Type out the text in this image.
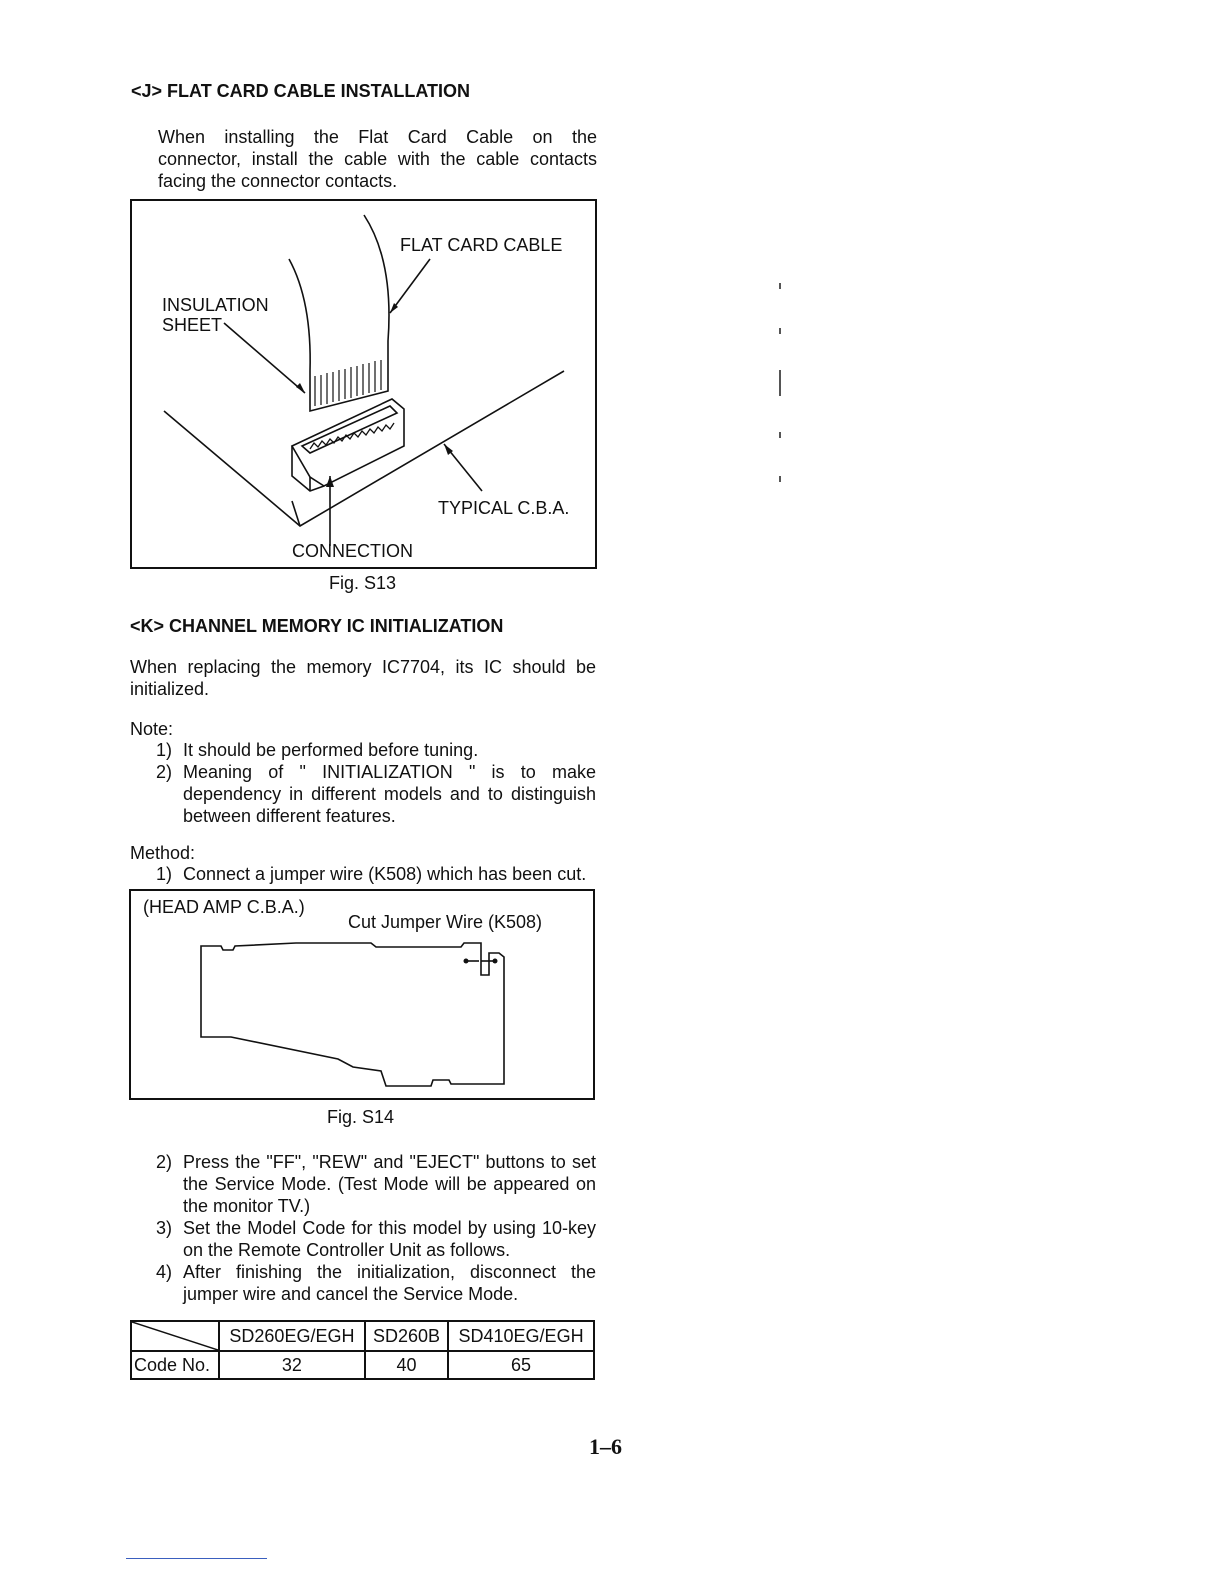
<J> FLAT CARD CABLE INSTALLATION
When installing the Flat Card Cable on the
connector, install the cable with the cable contacts
facing the connector contacts.
FLAT CARD CABLE
INSULATION
SHEET
TYPICAL C.B.A.
CONNECTION
Fig. S13
<K> CHANNEL MEMORY IC INITIALIZATION
When replacing the memory IC7704, its IC should be
initialized.
Note:
1) It should be performed before tuning.
2) Meaning of " INITIALIZATION " is to make
dependency in different models and to distinguish
between different features.
Method:
1) Connect a jumper wire (K508) which has been cut.
(HEAD AMP C.B.A.)
Cut Jumper Wire (K508)
Fig. S14
2) Press the "FF", "REW" and "EJECT" buttons to set
the Service Mode. (Test Mode will be appeared on
the monitor TV.)
3) Set the Model Code for this model by using 10-key
on the Remote Controller Unit as follows.
4) After finishing the initialization, disconnect the
jumper wire and cancel the Service Mode.
	SD260EG/EGH	SD260B	SD410EG/EGH
Code No.	32	40	65
1–6
